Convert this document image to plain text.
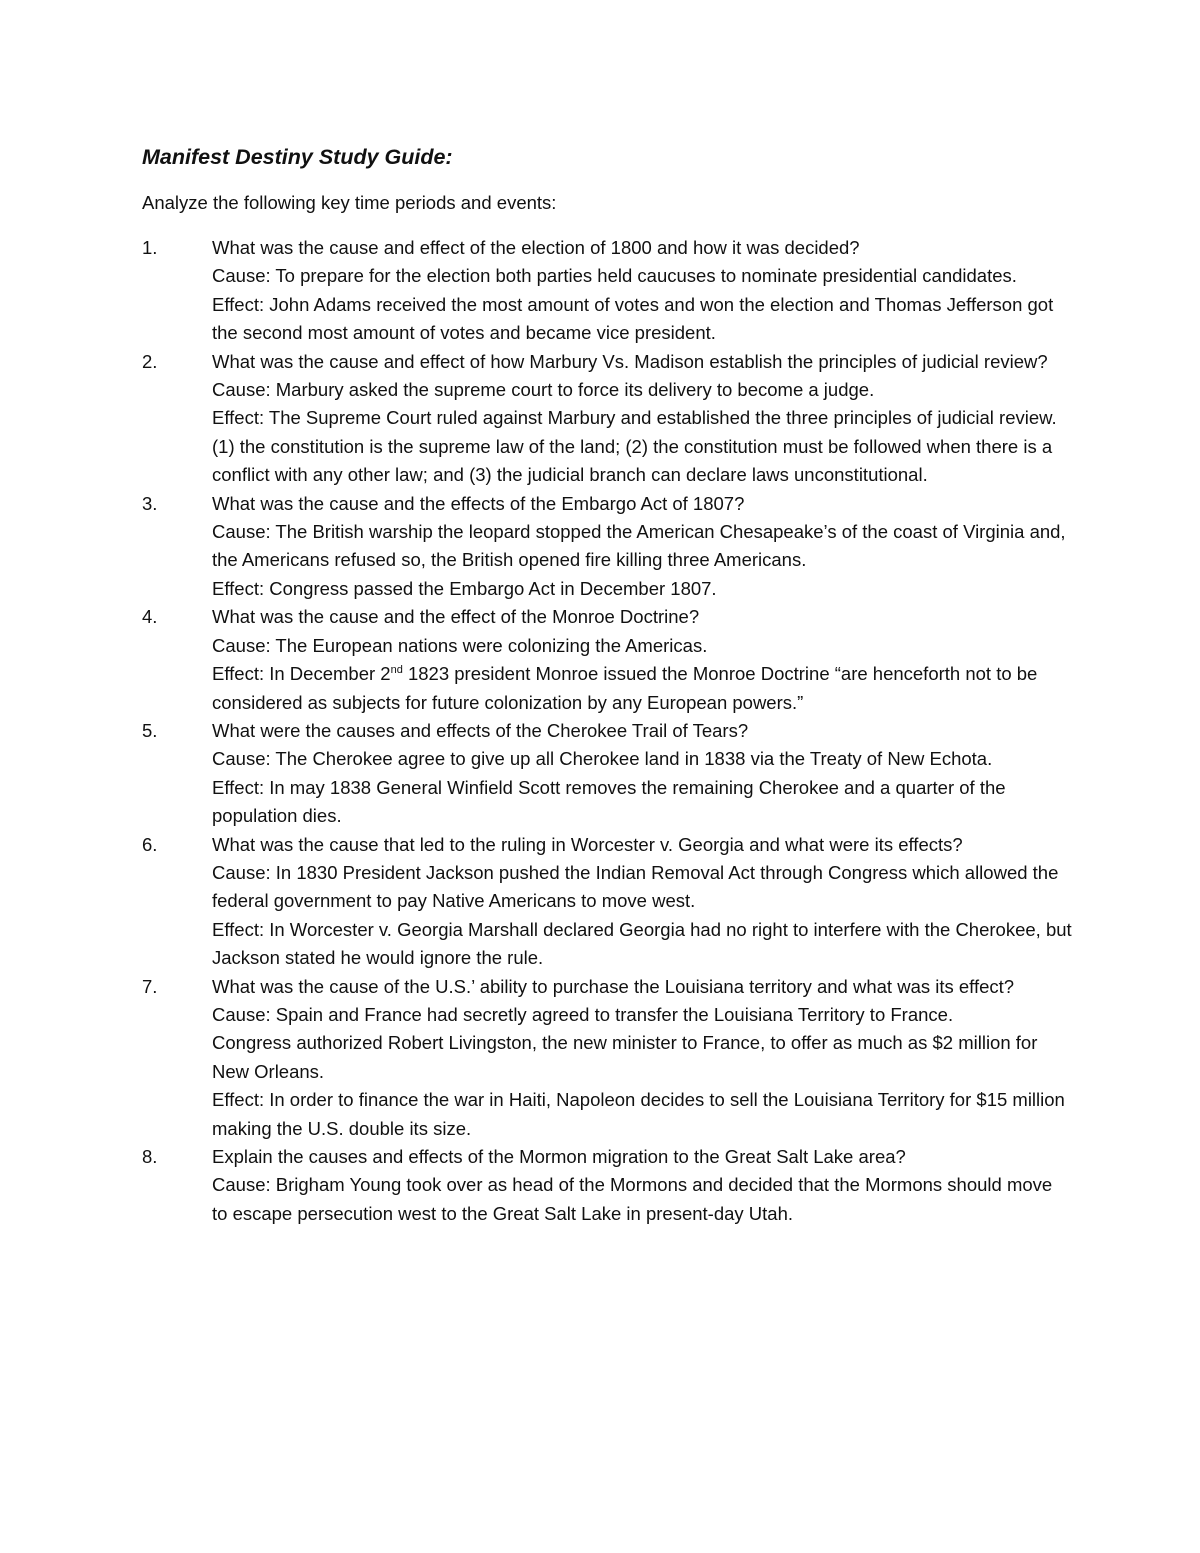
Manifest Destiny Study Guide:
Analyze the following key time periods and events:
1.	What was the cause and effect of the election of 1800 and how it was decided?
Cause: To prepare for the election both parties held caucuses to nominate presidential candidates.
Effect: John Adams received the most amount of votes and won the election and Thomas Jefferson got the second most amount of votes and became vice president.
2.	What was the cause and effect of how Marbury Vs. Madison establish the principles of judicial review?
Cause: Marbury asked the supreme court to force its delivery to become a judge.
Effect: The Supreme Court ruled against Marbury and established the three principles of judicial review. (1) the constitution is the supreme law of the land; (2) the constitution must be followed when there is a conflict with any other law; and (3) the judicial branch can declare laws unconstitutional.
3.	What was the cause and the effects of the Embargo Act of 1807?
Cause: The British warship the leopard stopped the American Chesapeake’s of the coast of Virginia and, the Americans refused so, the British opened fire killing three Americans.
Effect: Congress passed the Embargo Act in December 1807.
4.	What was the cause and the effect of the Monroe Doctrine?
Cause: The European nations were colonizing the Americas.
Effect: In December 2nd 1823 president Monroe issued the Monroe Doctrine “are henceforth not to be considered as subjects for future colonization by any European powers.”
5.	What were the causes and effects of the Cherokee Trail of Tears?
Cause: The Cherokee agree to give up all Cherokee land in 1838 via the Treaty of New Echota.
Effect: In may 1838 General Winfield Scott removes the remaining Cherokee and a quarter of the population dies.
6.	What was the cause that led to the ruling in Worcester v. Georgia and what were its effects?
Cause: In 1830 President Jackson pushed the Indian Removal Act through Congress which allowed the federal government to pay Native Americans to move west.
Effect: In Worcester v. Georgia Marshall declared Georgia had no right to interfere with the Cherokee, but Jackson stated he would ignore the rule.
7.	What was the cause of the U.S.’ ability to purchase the Louisiana territory and what was its effect?
Cause: Spain and France had secretly agreed to transfer the Louisiana Territory to France.
Congress authorized Robert Livingston, the new minister to France, to offer as much as $2 million for New Orleans.
Effect: In order to finance the war in Haiti, Napoleon decides to sell the Louisiana Territory for $15 million making the U.S. double its size.
8.	Explain the causes and effects of the Mormon migration to the Great Salt Lake area?
Cause: Brigham Young took over as head of the Mormons and decided that the Mormons should move to escape persecution west to the Great Salt Lake in present-day Utah.
